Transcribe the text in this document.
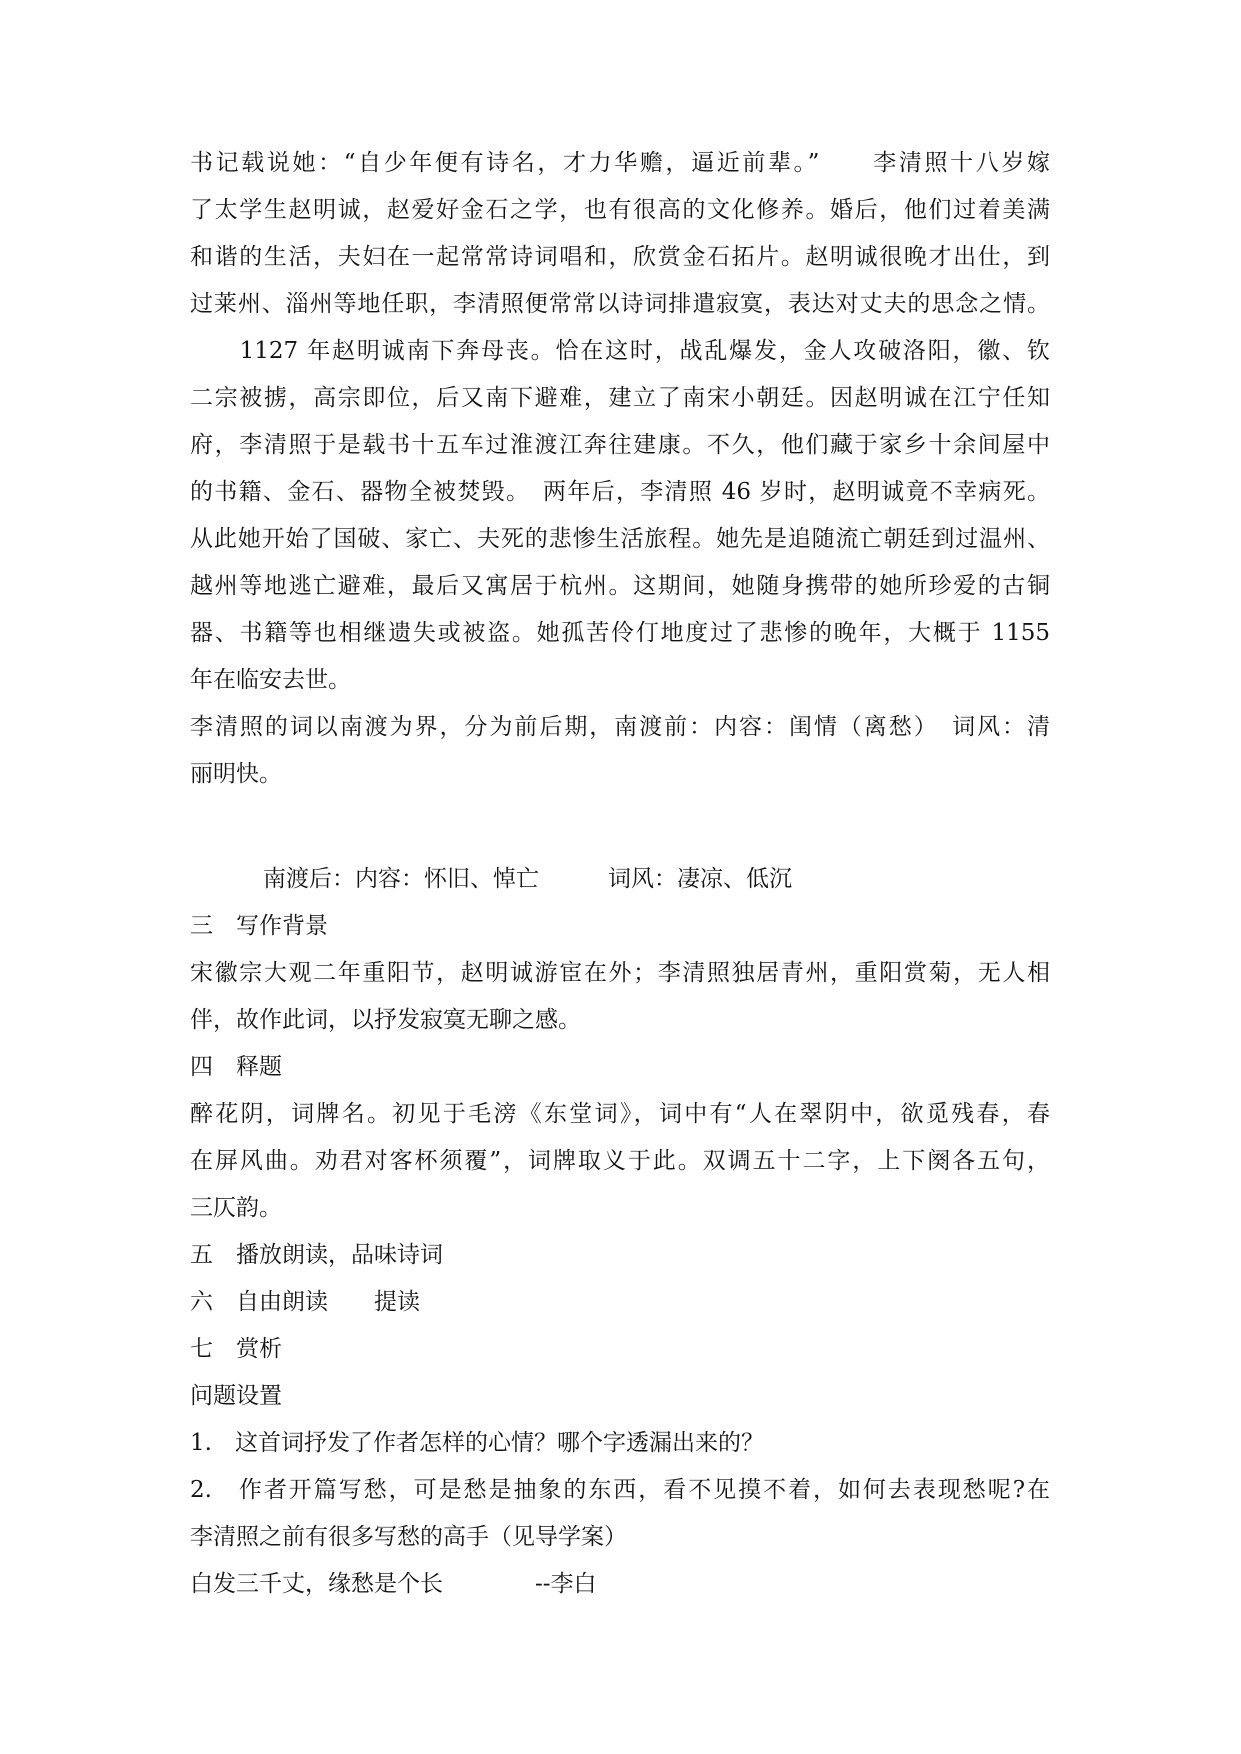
书记载说她：“自少年便有诗名，才力华赡，逼近前辈。”　　李清照十八岁嫁
了太学生赵明诚，赵爱好金石之学，也有很高的文化修养。婚后，他们过着美满
和谐的生活，夫妇在一起常常诗词唱和，欣赏金石拓片。赵明诚很晚才出仕，到
过莱州、淄州等地任职，李清照便常常以诗词排遣寂寞，表达对丈夫的思念之情。
　　1127 年赵明诚南下奔母丧。恰在这时，战乱爆发，金人攻破洛阳，徽、钦
二宗被掳，高宗即位，后又南下避难，建立了南宋小朝廷。因赵明诚在江宁任知
府，李清照于是载书十五车过淮渡江奔往建康。不久，他们藏于家乡十余间屋中
的书籍、金石、器物全被焚毁。　两年后，李清照 46 岁时，赵明诚竟不幸病死。
从此她开始了国破、家亡、夫死的悲惨生活旅程。她先是追随流亡朝廷到过温州、
越州等地逃亡避难，最后又寓居于杭州。这期间，她随身携带的她所珍爱的古铜
器、书籍等也相继遗失或被盗。她孤苦伶仃地度过了悲惨的晚年，大概于 1155
年在临安去世。
李清照的词以南渡为界，分为前后期，南渡前：内容：闺情（离愁）　词风：清
丽明快。
南渡后：内容：怀旧、悼亡　　　词风：凄凉、低沉
三　写作背景
宋徽宗大观二年重阳节，赵明诚游宦在外；李清照独居青州，重阳赏菊，无人相
伴，故作此词，以抒发寂寞无聊之感。
四　释题
醉花阴，词牌名。初见于毛滂《东堂词》，词中有“人在翠阴中，欲觅残春，春
在屏风曲。劝君对客杯须覆”，词牌取义于此。双调五十二字，上下阕各五句，
三仄韵。
五　播放朗读，品味诗词
六　自由朗读　　提读
七　赏析
问题设置
1.　这首词抒发了作者怎样的心情？哪个字透漏出来的？
2.　作者开篇写愁，可是愁是抽象的东西，看不见摸不着，如何去表现愁呢?在
李清照之前有很多写愁的高手（见导学案）
白发三千丈，缘愁是个长　　　　--李白
